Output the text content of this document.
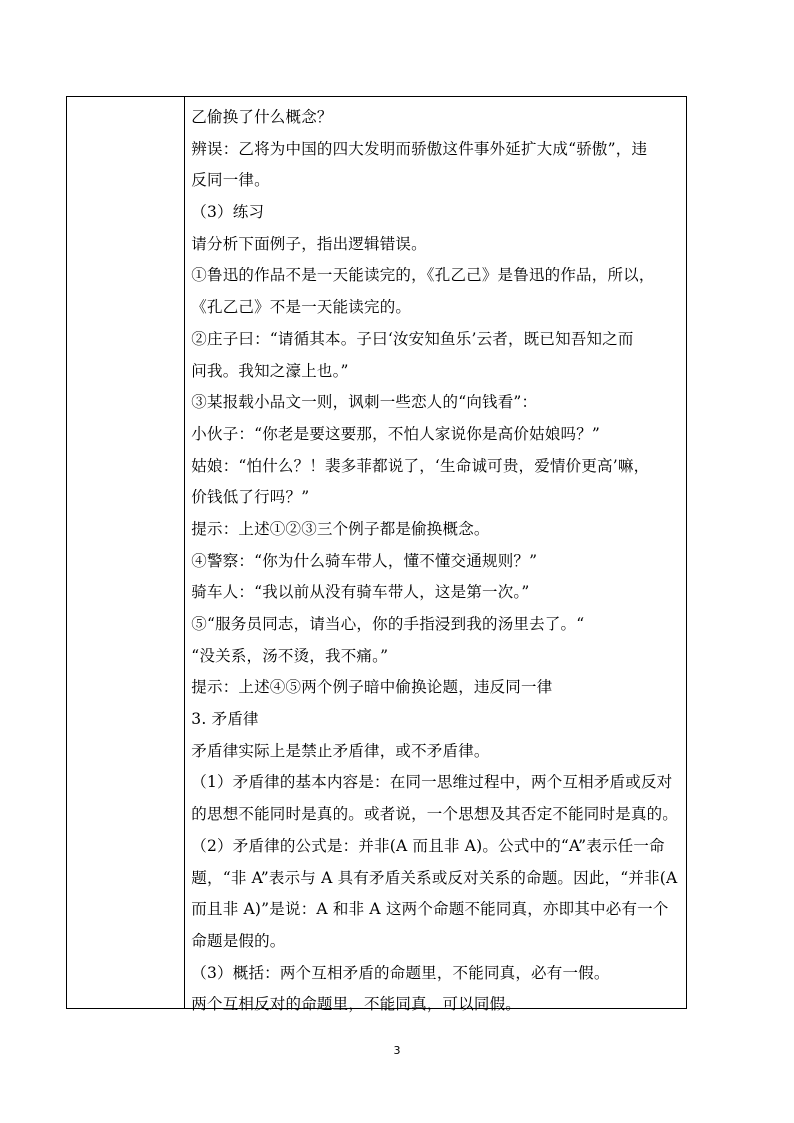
乙偷换了什么概念？
辨误：乙将为中国的四大发明而骄傲这件事外延扩大成“骄傲”，违
反同一律。
（3）练习
请分析下面例子，指出逻辑错误。
①鲁迅的作品不是一天能读完的，《孔乙己》是鲁迅的作品，所以，
《孔乙己》不是一天能读完的。
②庄子曰：“请循其本。子曰‘汝安知鱼乐’云者，既已知吾知之而
问我。我知之濠上也。”
③某报载小品文一则，讽刺一些恋人的“向钱看”：
小伙子：“你老是要这要那，不怕人家说你是高价姑娘吗？”
姑娘：“怕什么？！裴多菲都说了，‘生命诚可贵，爱情价更高’嘛，
价钱低了行吗？”
提示：上述①②③三个例子都是偷换概念。
④警察：“你为什么骑车带人，懂不懂交通规则？”
骑车人：“我以前从没有骑车带人，这是第一次。”
⑤“服务员同志，请当心，你的手指浸到我的汤里去了。“
“没关系，汤不烫，我不痛。”
提示：上述④⑤两个例子暗中偷换论题，违反同一律
3. 矛盾律
矛盾律实际上是禁止矛盾律，或不矛盾律。
（1）矛盾律的基本内容是：在同一思维过程中，两个互相矛盾或反对
的思想不能同时是真的。或者说，一个思想及其否定不能同时是真的。
（2）矛盾律的公式是：并非(A 而且非 A)。公式中的“A”表示任一命
题，“非 A”表示与 A 具有矛盾关系或反对关系的命题。因此，“并非(A
而且非 A)”是说：A 和非 A 这两个命题不能同真，亦即其中必有一个
命题是假的。
（3）概括：两个互相矛盾的命题里，不能同真，必有一假。
两个互相反对的命题里，不能同真，可以同假。
3
